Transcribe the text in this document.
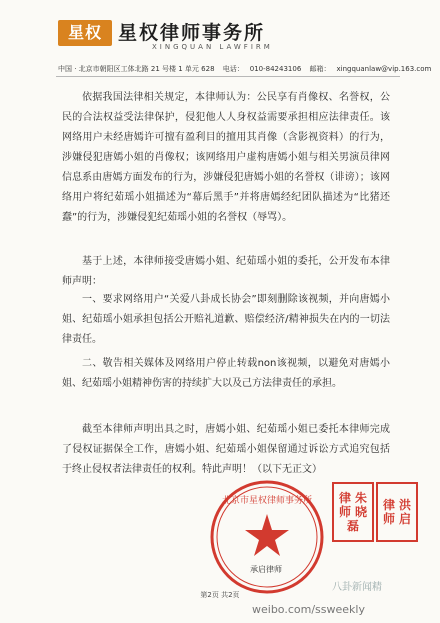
星权 星权律师事务所
XINGQUAN LAWFIRM
中国 · 北京市朝阳区工体北路 21 号楼 1 单元 628 电话： 010-84243106 邮箱： xingquanlaw@vip.163.com
依据我国法律相关规定，本律师认为：公民享有肖像权、名誉权，公民的合法权益受法律保护，侵犯他人人身权益需要承担相应法律责任。该网络用户未经唐嫣许可擅有盈利目的擅用其肖像（含影视资料）的行为，涉嫌侵犯唐嫣小姐的肖像权；该网络用户虚构唐嫣小姐与相关男演员律网信息系由唐嫣方面发布的行为，涉嫌侵犯唐嫣小姐的名誉权（诽谤）；该网络用户将纪茹瑶小姐描述为“幕后黑手”并将唐嫣经纪团队描述为“比猪还蠢”的行为，涉嫌侵犯纪茹瑶小姐的名誉权（辱骂）。
基于上述，本律师接受唐嫣小姐、纪茹瑶小姐的委托，公开发布本律师声明：
一、要求网络用户“关爱八卦成长协会”即刻删除该视频，并向唐嫣小姐、纪茹瑶小姐承担包括公开赔礼道歉、赔偿经济/精神损失在内的一切法律责任。
二、敬告相关媒体及网络用户停止转载non该视频，以避免对唐嫣小姐、纪茹瑶小姐精神伤害的持续扩大以及己方法律责任的承担。
截至本律师声明出具之时，唐嫣小姐、纪茹瑶小姐已委托本律师完成了侵权证据保全工作，唐嫣小姐、纪茹瑶小姐保留通过诉讼方式追究包括于终止侵权者法律责任的权利。特此声明！（以下无正文）
北京市星权律师事务所
承启律师
律 朱
师 晓
磊
律 洪
师 启
第2页 共2页
八卦新闻精
weibo.com/ssweekly
